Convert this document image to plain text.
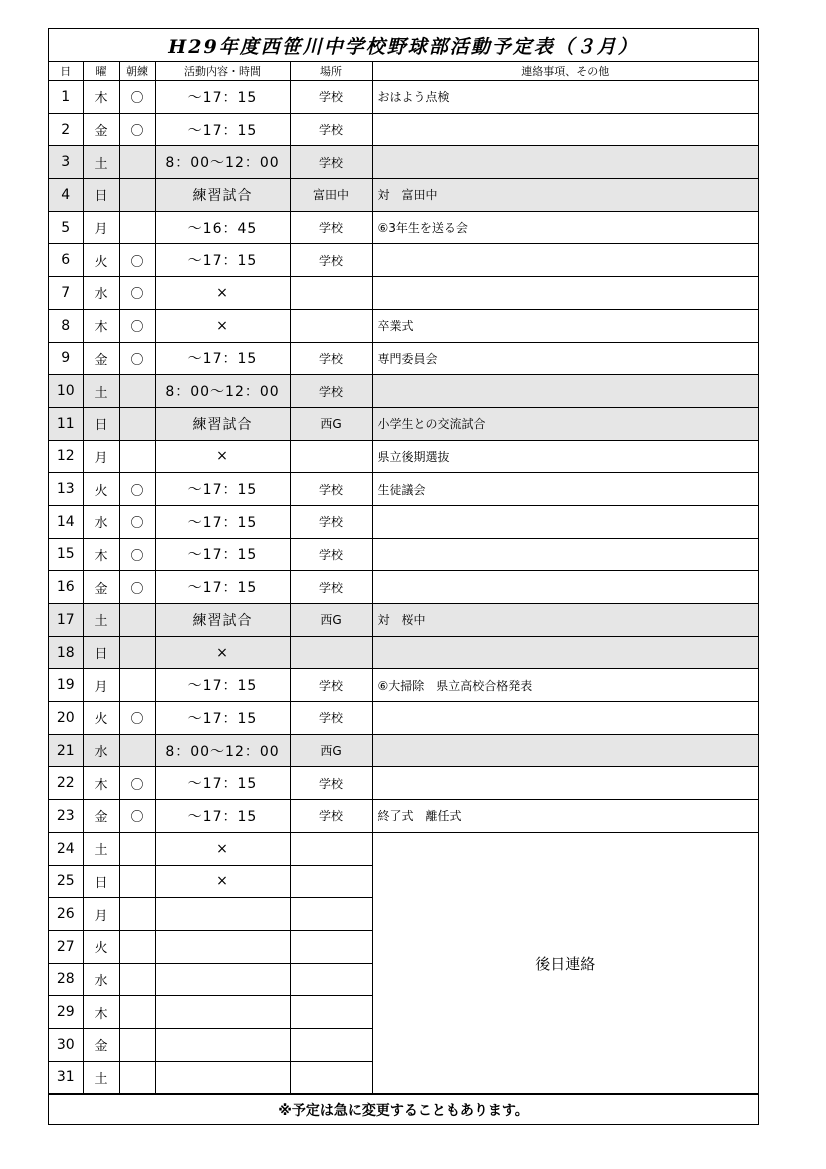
H29年度西笹川中学校野球部活動予定表（３月）
日	曜	朝練	活動内容・時間	場所	連絡事項、その他
1	木	〇	～17：15	学校	おはよう点検
2	金	〇	～17：15	学校	
3	土		8：00～12：00	学校	
4	日		練習試合	富田中	対　富田中
5	月		～16：45	学校	⑥3年生を送る会
6	火	〇	～17：15	学校	
7	水	〇	×		
8	木	〇	×		卒業式
9	金	〇	～17：15	学校	専門委員会
10	土		8：00～12：00	学校	
11	日		練習試合	西G	小学生との交流試合
12	月		×		県立後期選抜
13	火	〇	～17：15	学校	生徒議会
14	水	〇	～17：15	学校	
15	木	〇	～17：15	学校	
16	金	〇	～17：15	学校	
17	土		練習試合	西G	対　桜中
18	日		×		
19	月		～17：15	学校	⑥大掃除　県立高校合格発表
20	火	〇	～17：15	学校	
21	水		8：00～12：00	西G	
22	木	〇	～17：15	学校	
23	金	〇	～17：15	学校	終了式　離任式
24	土		×		後日連絡
25	日		×		
26	月				
27	火				
28	水				
29	木				
30	金				
31	土				
※予定は急に変更することもあります。
